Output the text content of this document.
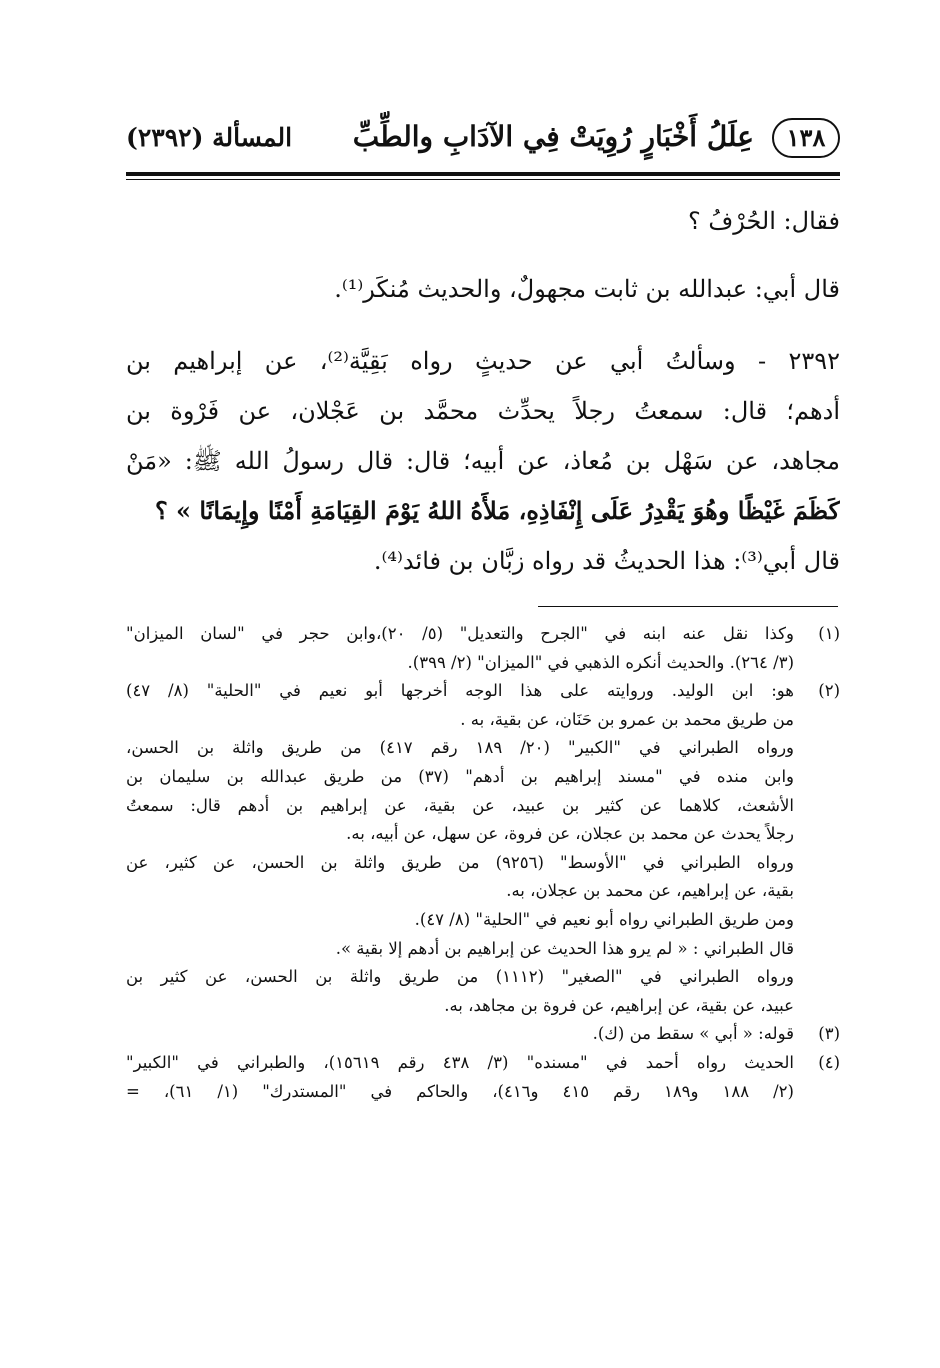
١٣٨
عِلَلُ أَخْبَارٍ رُوِيَتْ فِي الآدَابِ والطِّبِّ
المسألة (٢٣٩٢)
فقال: الحُرْفُ ؟
قال أبي: عبدالله بن ثابت مجهولٌ، والحديث مُنكَر⁽¹⁾.
٢٣٩٢ - وسألتُ أبي عن حديثٍ رواه بَقِيَّة⁽²⁾، عن إبراهيم بن
أدهم؛ قال: سمعتُ رجلاً يحدِّث محمَّد بن عَجْلان، عن فَرْوة بن
مجاهد، عن سَهْل بن مُعاذ، عن أبيه؛ قال: قال رسولُ الله ﷺ: «مَنْ
كَظَمَ غَيْظًا وهُوَ يَقْدِرُ عَلَى إِنْفَاذِهِ، مَلأَهُ اللهُ يَوْمَ القِيَامَةِ أَمْنًا وإِيمَانًا » ؟
قال أبي⁽³⁾: هذا الحديثُ قد رواه زبَّان بن فائد⁽⁴⁾.
(١)
وكذا نقل عنه ابنه في "الجرح والتعديل" (٥/ ٢٠)،وابن حجر في "لسان الميزان"
(٣/ ٢٦٤). والحديث أنكره الذهبي في "الميزان" (٢/ ٣٩٩).
(٢)
هو: ابن الوليد. وروايته على هذا الوجه أخرجها أبو نعيم في "الحلية" (٨/ ٤٧)
من طريق محمد بن عمرو بن حَنَان، عن بقية، به .
ورواه الطبراني في "الكبير" (٢٠/ ١٨٩ رقم ٤١٧) من طريق واثلة بن الحسن،
وابن منده في "مسند إبراهيم بن أدهم" (٣٧) من طريق عبدالله بن سليمان بن
الأشعث، كلاهما عن كثير بن عبيد، عن بقية، عن إبراهيم بن أدهم قال: سمعتُ
رجلاً يحدث عن محمد بن عجلان، عن فروة، عن سهل، عن أبيه، به.
ورواه الطبراني في "الأوسط" (٩٢٥٦) من طريق واثلة بن الحسن، عن كثير، عن
بقية، عن إبراهيم، عن محمد بن عجلان، به.
ومن طريق الطبراني رواه أبو نعيم في "الحلية" (٨/ ٤٧).
قال الطبراني : « لم يرو هذا الحديث عن إبراهيم بن أدهم إلا بقية ».
ورواه الطبراني في "الصغير" (١١١٢) من طريق واثلة بن الحسن، عن كثير بن
عبيد، عن بقية، عن إبراهيم، عن فروة بن مجاهد، به.
(٣)
قوله: « أبي » سقط من (ك).
(٤)
الحديث رواه أحمد في "مسنده" (٣/ ٤٣٨ رقم ١٥٦١٩)، والطبراني في "الكبير"
(٢/ ١٨٨ و١٨٩ رقم ٤١٥ و٤١٦)، والحاكم في "المستدرك" (١/ ٦١)، =
